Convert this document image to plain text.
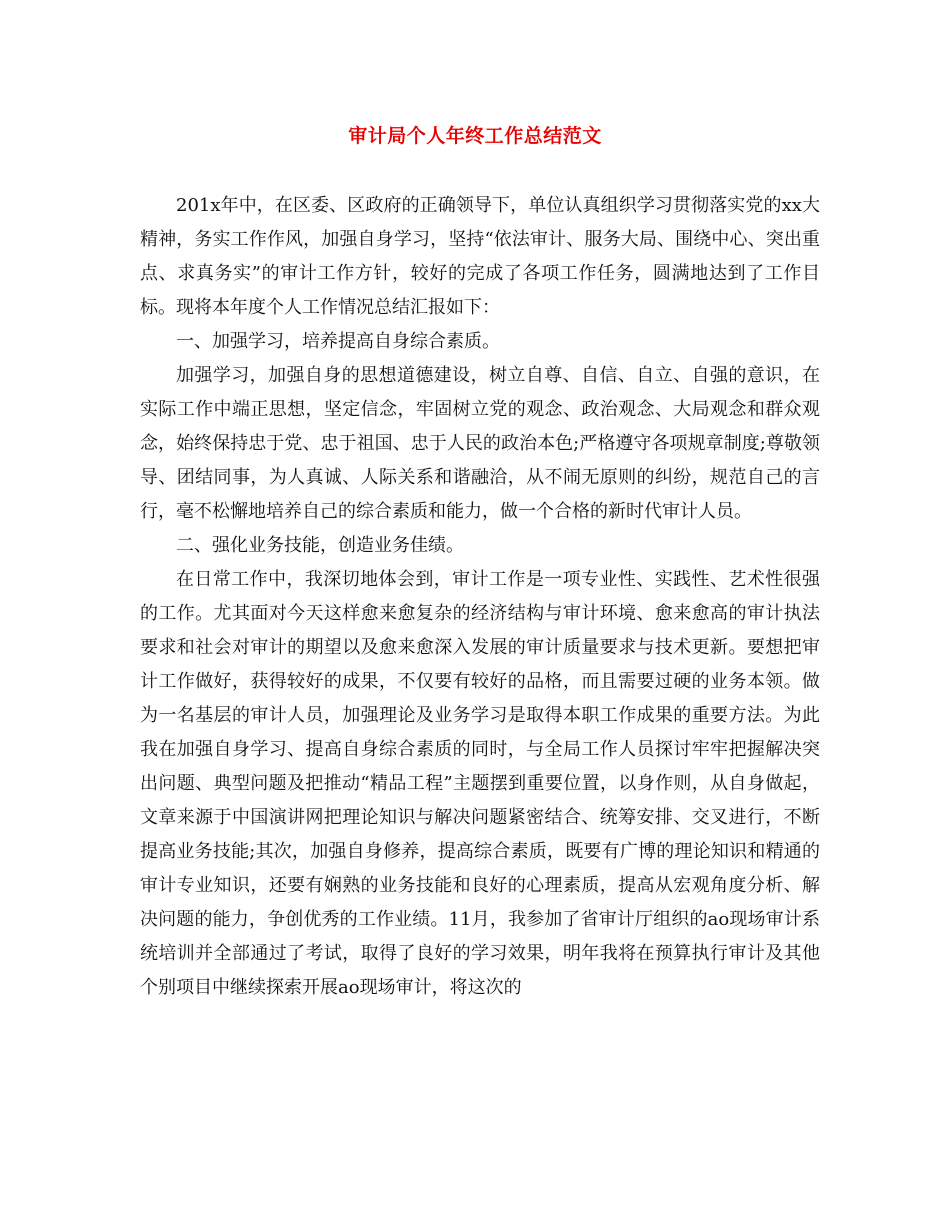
审计局个人年终工作总结范文

201x年中，在区委、区政府的正确领导下，单位认真组织学习贯彻落实党的xx大精神，务实工作作风，加强自身学习，坚持“依法审计、服务大局、围绕中心、突出重点、求真务实”的审计工作方针，较好的完成了各项工作任务，圆满地达到了工作目标。现将本年度个人工作情况总结汇报如下：

一、加强学习，培养提高自身综合素质。

加强学习，加强自身的思想道德建设，树立自尊、自信、自立、自强的意识，在实际工作中端正思想，坚定信念，牢固树立党的观念、政治观念、大局观念和群众观念，始终保持忠于党、忠于祖国、忠于人民的政治本色;严格遵守各项规章制度;尊敬领导、团结同事，为人真诚、人际关系和谐融洽，从不闹无原则的纠纷，规范自己的言行，毫不松懈地培养自己的综合素质和能力，做一个合格的新时代审计人员。

二、强化业务技能，创造业务佳绩。

在日常工作中，我深切地体会到，审计工作是一项专业性、实践性、艺术性很强的工作。尤其面对今天这样愈来愈复杂的经济结构与审计环境、愈来愈高的审计执法要求和社会对审计的期望以及愈来愈深入发展的审计质量要求与技术更新。要想把审计工作做好，获得较好的成果，不仅要有较好的品格，而且需要过硬的业务本领。做为一名基层的审计人员，加强理论及业务学习是取得本职工作成果的重要方法。为此我在加强自身学习、提高自身综合素质的同时，与全局工作人员探讨牢牢把握解决突出问题、典型问题及把推动“精品工程”主题摆到重要位置，以身作则，从自身做起，文章来源于中国演讲网把理论知识与解决问题紧密结合、统筹安排、交叉进行，不断提高业务技能;其次，加强自身修养，提高综合素质，既要有广博的理论知识和精通的审计专业知识，还要有娴熟的业务技能和良好的心理素质，提高从宏观角度分析、解决问题的能力，争创优秀的工作业绩。11月，我参加了省审计厅组织的ao现场审计系统培训并全部通过了考试，取得了良好的学习效果，明年我将在预算执行审计及其他个别项目中继续探索开展ao现场审计，将这次的
